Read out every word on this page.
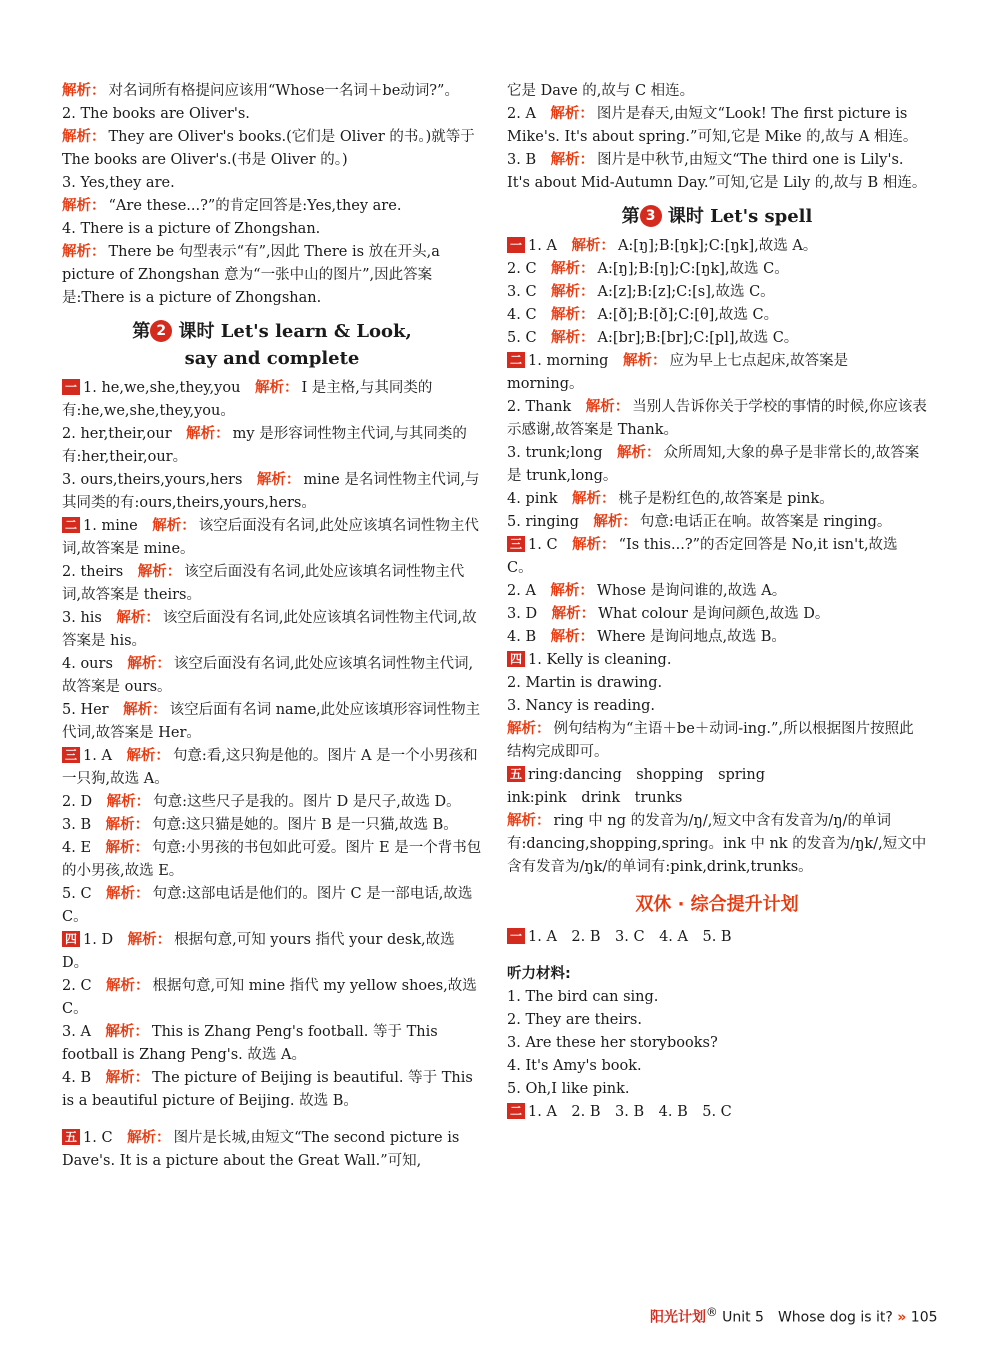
解析： 对名词所有格提问应该用“Whose一名词＋be动词?”。

2. The books are Oliver's.

解析： They are Oliver's books.(它们是 Oliver 的书。)就等于 The books are Oliver's.(书是 Oliver 的。)

3. Yes,they are.

解析： “Are these...?”的肯定回答是:Yes,they are.

4. There is a picture of Zhongshan.

解析： There be 句型表示“有”,因此 There is 放在开头,a picture of Zhongshan 意为“一张中山的图片”,因此答案是:There is a picture of Zhongshan.

第 2 课时 Let's learn & Look,
say and complete

一 1. he,we,she,they,you　 解析： I 是主格,与其同类的有:he,we,she,they,you。

2. her,their,our　 解析： my 是形容词性物主代词,与其同类的有:her,their,our。

3. ours,theirs,yours,hers　 解析： mine 是名词性物主代词,与其同类的有:ours,theirs,yours,hers。

二 1. mine　 解析： 该空后面没有名词,此处应该填名词性物主代词,故答案是 mine。

2. theirs　 解析： 该空后面没有名词,此处应该填名词性物主代词,故答案是 theirs。

3. his　 解析： 该空后面没有名词,此处应该填名词性物主代词,故答案是 his。

4. ours　 解析： 该空后面没有名词,此处应该填名词性物主代词,故答案是 ours。

5. Her　 解析： 该空后面有名词 name,此处应该填形容词性物主代词,故答案是 Her。

三 1. A　 解析： 句意:看,这只狗是他的。图片 A 是一个小男孩和一只狗,故选 A。

2. D　 解析： 句意:这些尺子是我的。图片 D 是尺子,故选 D。

3. B　 解析： 句意:这只猫是她的。图片 B 是一只猫,故选 B。

4. E　 解析： 句意:小男孩的书包如此可爱。图片 E 是一个背书包的小男孩,故选 E。

5. C　 解析： 句意:这部电话是他们的。图片 C 是一部电话,故选 C。

四 1. D　 解析： 根据句意,可知 yours 指代 your desk,故选 D。

2. C　 解析： 根据句意,可知 mine 指代 my yellow shoes,故选 C。

3. A　 解析： This is Zhang Peng's football. 等于 This football is Zhang Peng's. 故选 A。

4. B　 解析： The picture of Beijing is beautiful. 等于 This is a beautiful picture of Beijing. 故选 B。

五 1. C　 解析： 图片是长城,由短文“The second picture is Dave's. It is a picture about the Great Wall.”可知,

它是 Dave 的,故与 C 相连。

2. A　 解析： 图片是春天,由短文“Look! The first picture is Mike's. It's about spring.”可知,它是 Mike 的,故与 A 相连。

3. B　 解析： 图片是中秋节,由短文“The third one is Lily's. It's about Mid-Autumn Day.”可知,它是 Lily 的,故与 B 相连。

第 3 课时 Let's spell

一 1. A　 解析： A:[ŋ];B:[ŋk];C:[ŋk],故选 A。

2. C　 解析： A:[ŋ];B:[ŋ];C:[ŋk],故选 C。

3. C　 解析： A:[z];B:[z];C:[s],故选 C。

4. C　 解析： A:[ð];B:[ð];C:[θ],故选 C。

5. C　 解析： A:[br];B:[br];C:[pl],故选 C。

二 1. morning　 解析： 应为早上七点起床,故答案是 morning。

2. Thank　 解析： 当别人告诉你关于学校的事情的时候,你应该表示感谢,故答案是 Thank。

3. trunk;long　 解析： 众所周知,大象的鼻子是非常长的,故答案是 trunk,long。

4. pink　 解析： 桃子是粉红色的,故答案是 pink。

5. ringing　 解析： 句意:电话正在响。故答案是 ringing。

三 1. C　 解析： “Is this...?”的否定回答是 No,it isn't,故选 C。

2. A　 解析： Whose 是询问谁的,故选 A。

3. D　 解析： What colour 是询问颜色,故选 D。

4. B　 解析： Where 是询问地点,故选 B。

四 1. Kelly is cleaning.　

2. Martin is drawing.

3. Nancy is reading.

解析： 例句结构为“主语＋be＋动词-ing.”,所以根据图片按照此结构完成即可。

五 ring:dancing　shopping　spring　

ink:pink　drink　trunks

解析： ring 中 ng 的发音为/ŋ/,短文中含有发音为/ŋ/的单词有:dancing,shopping,spring。ink 中 nk 的发音为/ŋk/,短文中含有发音为/ŋk/的单词有:pink,drink,trunks。

双休 · 综合提升计划

一 1. A　2. B　3. C　4. A　5. B　

听力材料:

1. The bird can sing.

2. They are theirs.

3. Are these her storybooks?

4. It's Amy's book.

5. Oh,I like pink.

二 1. A　2. B　3. B　4. B　5. C　

阳光计划® Unit 5　Whose dog is it? » 105
